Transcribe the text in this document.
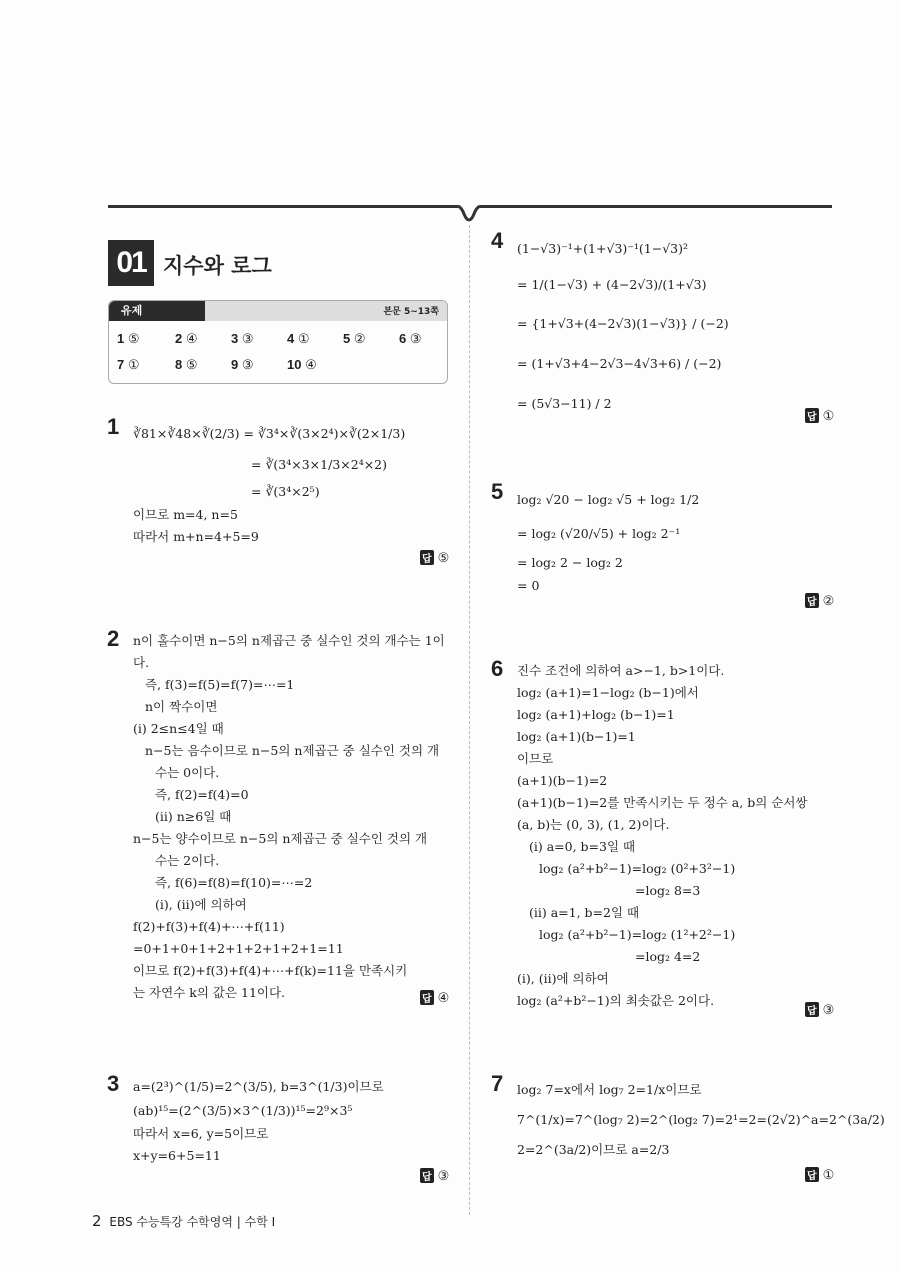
01 지수와 로그
유제	본문 5~13쪽
1 ⑤	2 ④	3 ③	4 ①	5 ②	6 ③
7 ①	8 ⑤	9 ③	10 ④
1 ∛81×∛48×∛(2/3) = ∛3⁴×∛(3×2⁴)×∛(2×1/3)
= ∛(3⁴×3×1/3×2⁴×2)
= ∛(3⁴×2⁵)
이므로 m=4, n=5
따라서 m+n=4+5=9
답 ⑤
2 n이 홀수이면 n−5의 n제곱근 중 실수인 것의 개수는 1이
다.
즉, f(3)=f(5)=f(7)=⋯=1
n이 짝수이면
(i) 2≤n≤4일 때
n−5는 음수이므로 n−5의 n제곱근 중 실수인 것의 개
수는 0이다.
즉, f(2)=f(4)=0
(ii) n≥6일 때
n−5는 양수이므로 n−5의 n제곱근 중 실수인 것의 개
수는 2이다.
즉, f(6)=f(8)=f(10)=⋯=2
(i), (ii)에 의하여
f(2)+f(3)+f(4)+⋯+f(11)
=0+1+0+1+2+1+2+1+2+1=11
이므로 f(2)+f(3)+f(4)+⋯+f(k)=11을 만족시키
는 자연수 k의 값은 11이다.	답 ④
3 a=(2³)^(1/5)=2^(3/5), b=3^(1/3)이므로
(ab)¹⁵=(2^(3/5)×3^(1/3))¹⁵=2⁹×3⁵
따라서 x=6, y=5이므로
x+y=6+5=11
답 ③
4 (1−√3)⁻¹+(1+√3)⁻¹(1−√3)²
= 1/(1−√3) + (4−2√3)/(1+√3)
= {1+√3+(4−2√3)(1−√3)} / (−2)
= (1+√3+4−2√3−4√3+6) / (−2)
= (5√3−11) / 2
답 ①
5 log₂ √20 − log₂ √5 + log₂ 1/2
= log₂ (√20/√5) + log₂ 2⁻¹
= log₂ 2 − log₂ 2
= 0
답 ②
6 진수 조건에 의하여 a>−1, b>1이다.
log₂ (a+1)=1−log₂ (b−1)에서
log₂ (a+1)+log₂ (b−1)=1
log₂ (a+1)(b−1)=1
이므로
(a+1)(b−1)=2
(a+1)(b−1)=2를 만족시키는 두 정수 a, b의 순서쌍
(a, b)는 (0, 3), (1, 2)이다.
(i) a=0, b=3일 때
log₂ (a²+b²−1)=log₂ (0²+3²−1)
=log₂ 8=3
(ii) a=1, b=2일 때
log₂ (a²+b²−1)=log₂ (1²+2²−1)
=log₂ 4=2
(i), (ii)에 의하여
log₂ (a²+b²−1)의 최솟값은 2이다.
답 ③
7 log₂ 7=x에서 log₇ 2=1/x이므로
7^(1/x)=7^(log₇ 2)=2^(log₂ 7)=2¹=2=(2√2)^a=2^(3a/2)
2=2^(3a/2)이므로 a=2/3
답 ①
2 EBS 수능특강 수학영역 | 수학 I
